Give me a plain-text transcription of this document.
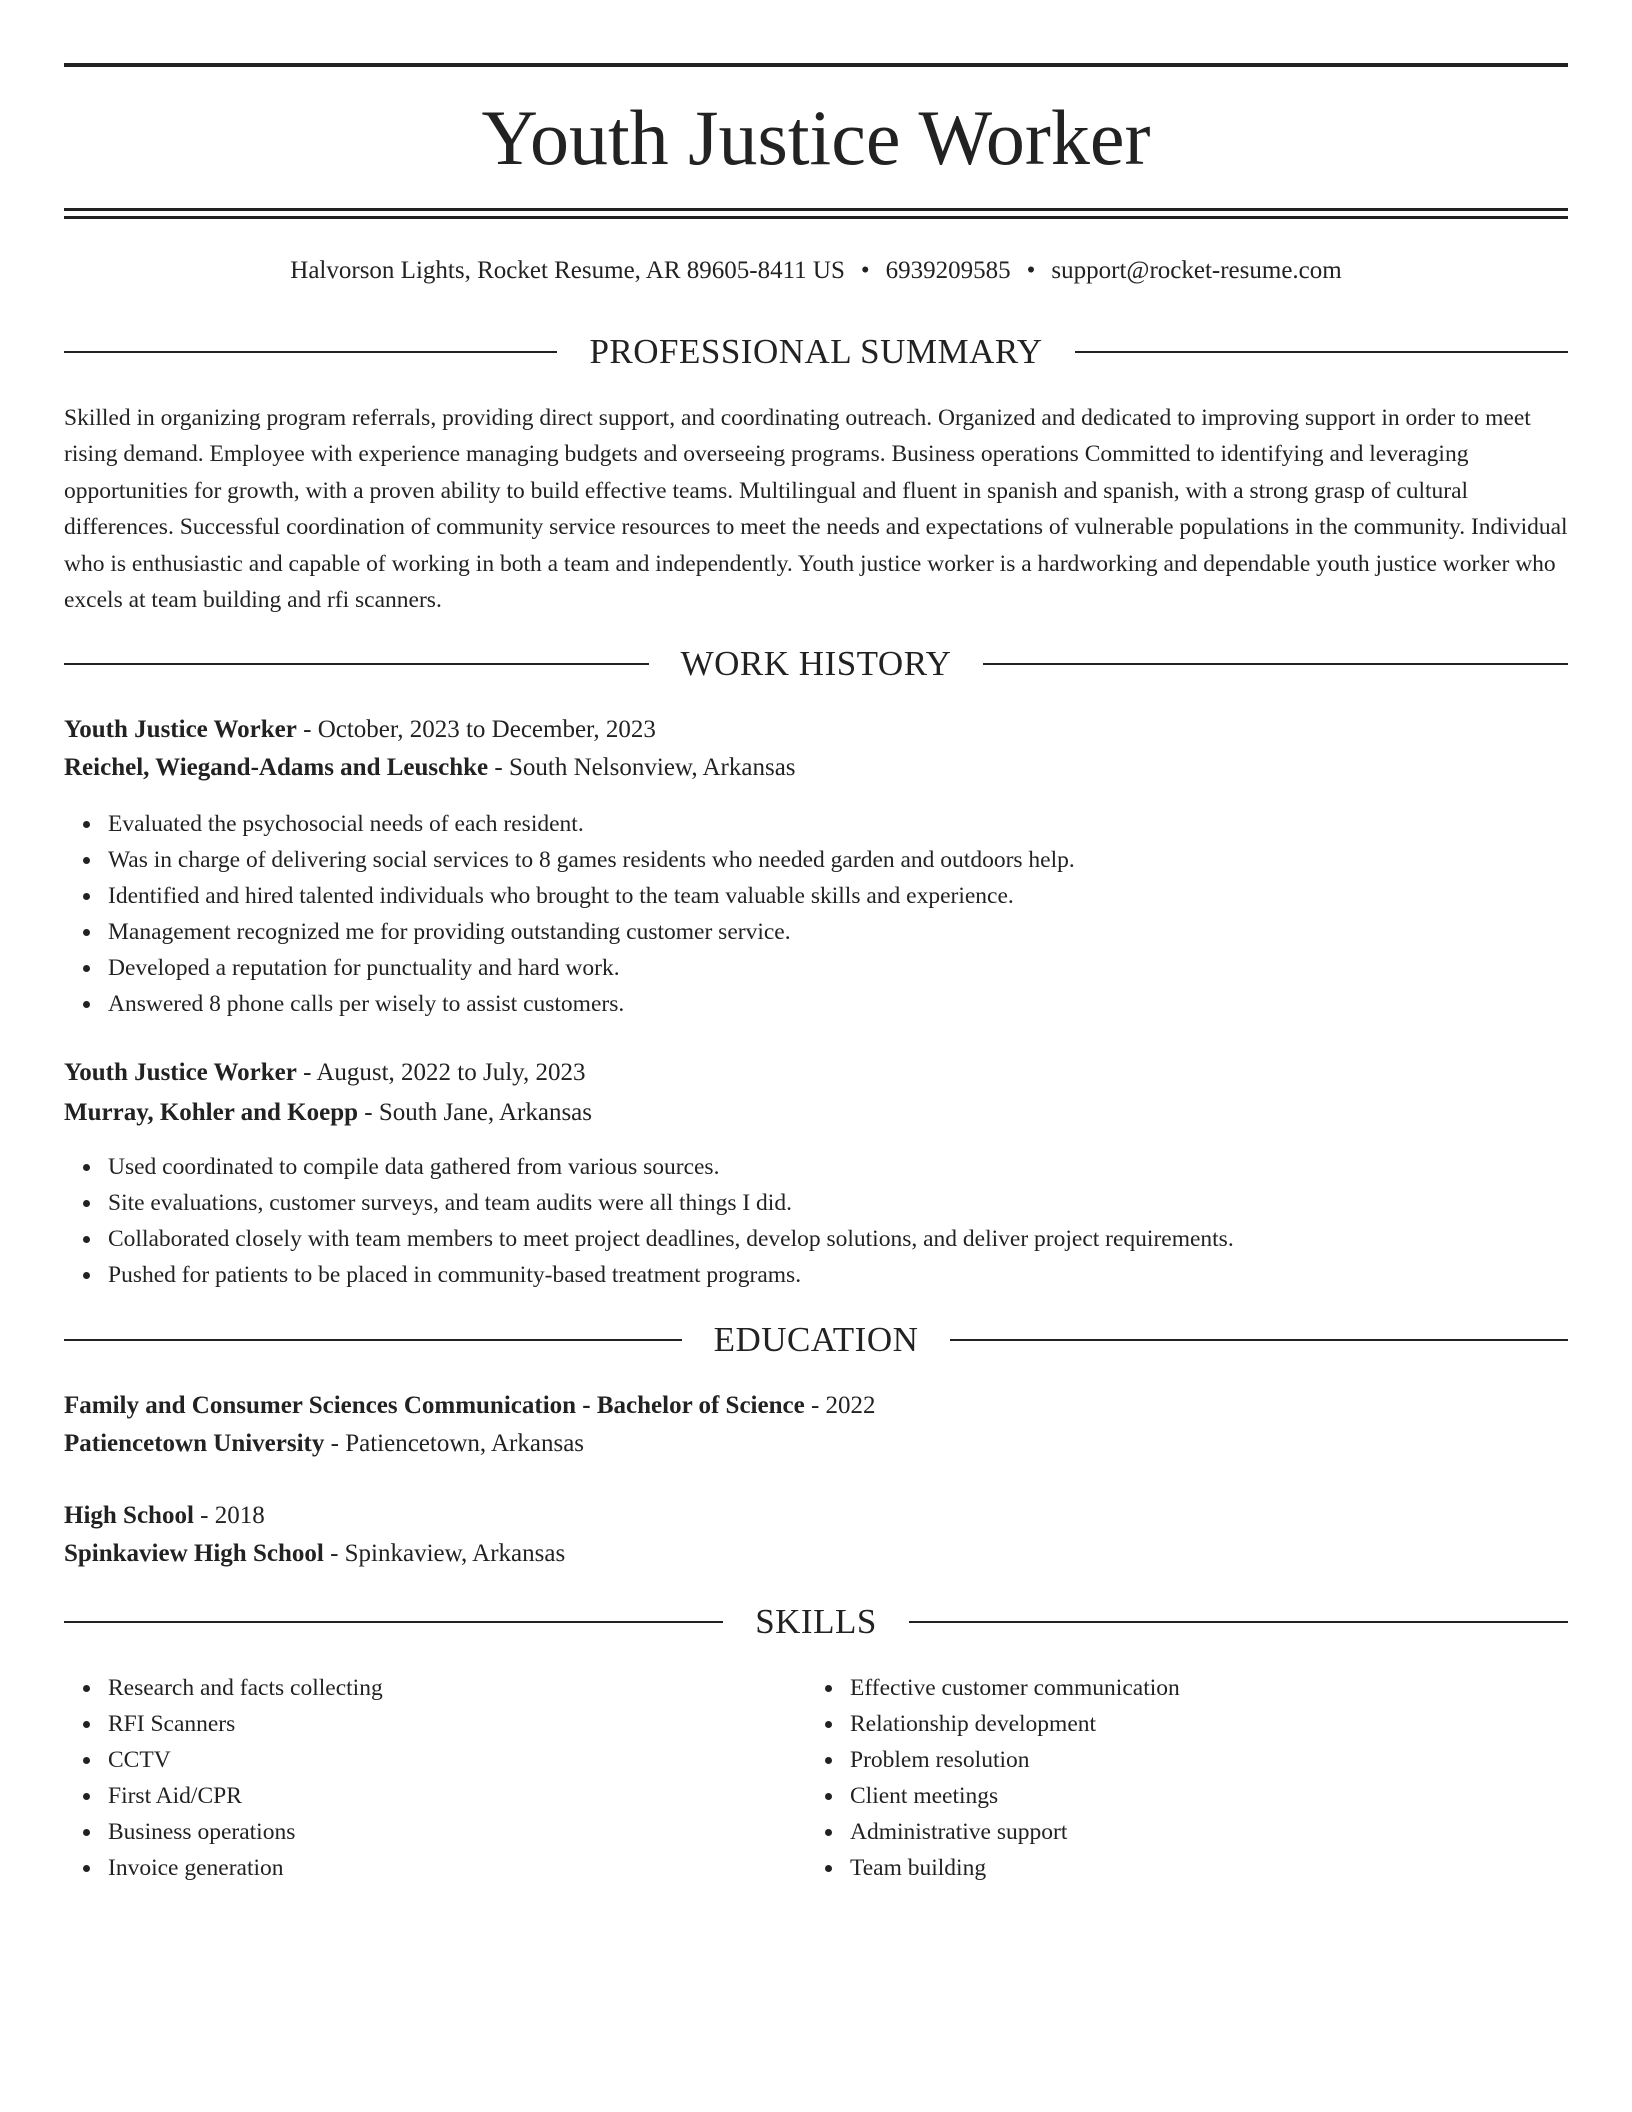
Youth Justice Worker
Halvorson Lights, Rocket Resume, AR 89605-8411 US • 6939209585 • support@rocket-resume.com
PROFESSIONAL SUMMARY

Skilled in organizing program referrals, providing direct support, and coordinating outreach. Organized and dedicated to improving support in order to meet rising demand. Employee with experience managing budgets and overseeing programs. Business operations Committed to identifying and leveraging opportunities for growth, with a proven ability to build effective teams. Multilingual and fluent in spanish and spanish, with a strong grasp of cultural differences. Successful coordination of community service resources to meet the needs and expectations of vulnerable populations in the community. Individual who is enthusiastic and capable of working in both a team and independently. Youth justice worker is a hardworking and dependable youth justice worker who excels at team building and rfi scanners.

WORK HISTORY
Youth Justice Worker - October, 2023 to December, 2023
Reichel, Wiegand-Adams and Leuschke - South Nelsonview, Arkansas
Evaluated the psychosocial needs of each resident.
Was in charge of delivering social services to 8 games residents who needed garden and outdoors help.
Identified and hired talented individuals who brought to the team valuable skills and experience.
Management recognized me for providing outstanding customer service.
Developed a reputation for punctuality and hard work.
Answered 8 phone calls per wisely to assist customers.
Youth Justice Worker - August, 2022 to July, 2023
Murray, Kohler and Koepp - South Jane, Arkansas
Used coordinated to compile data gathered from various sources.
Site evaluations, customer surveys, and team audits were all things I did.
Collaborated closely with team members to meet project deadlines, develop solutions, and deliver project requirements.
Pushed for patients to be placed in community-based treatment programs.
EDUCATION
Family and Consumer Sciences Communication - Bachelor of Science - 2022
Patiencetown University - Patiencetown, Arkansas
High School - 2018
Spinkaview High School - Spinkaview, Arkansas
SKILLS
Research and facts collecting
RFI Scanners
CCTV
First Aid/CPR
Business operations
Invoice generation
Effective customer communication
Relationship development
Problem resolution
Client meetings
Administrative support
Team building
